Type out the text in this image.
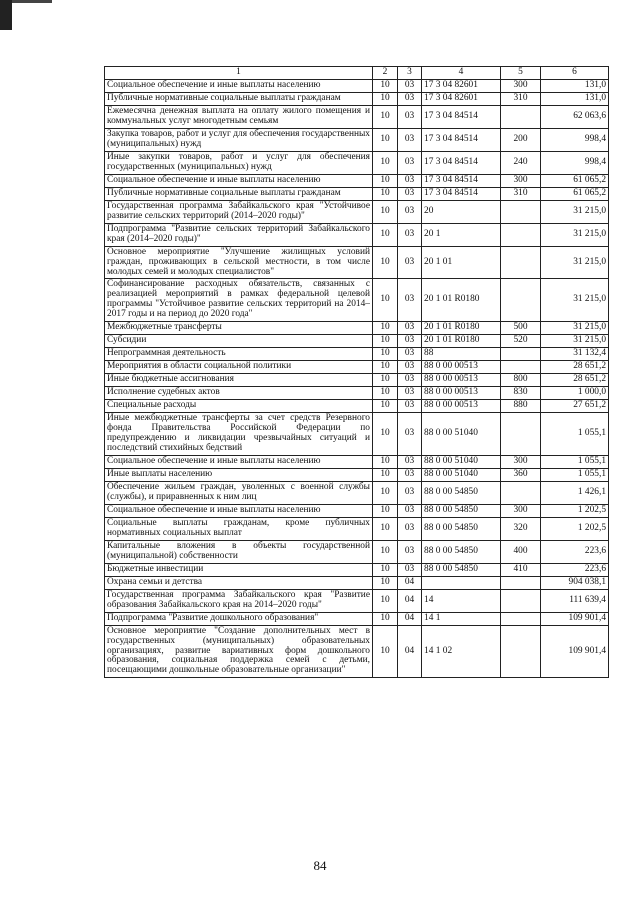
1	2	3	4	5	6
Социальное обеспечение и иные выплаты населению	10	03	17 3 04 82601	300	131,0
Публичные нормативные социальные выплаты гражданам	10	03	17 3 04 82601	310	131,0
Ежемесячна денежная выплата на оплату жилого помещения и коммунальных услуг многодетным семьям	10	03	17 3 04 84514		62 063,6
Закупка товаров, работ и услуг для обеспечения государственных (муниципальных) нужд	10	03	17 3 04 84514	200	998,4
Иные закупки товаров, работ и услуг для обеспечения государственных (муниципальных) нужд	10	03	17 3 04 84514	240	998,4
Социальное обеспечение и иные выплаты населению	10	03	17 3 04 84514	300	61 065,2
Публичные нормативные социальные выплаты гражданам	10	03	17 3 04 84514	310	61 065,2
Государственная программа Забайкальского края "Устойчивое развитие сельских территорий (2014–2020 годы)"	10	03	20		31 215,0
Подпрограмма "Развитие сельских территорий Забайкальского края (2014–2020 годы)"	10	03	20 1		31 215,0
Основное мероприятие "Улучшение жилищных условий граждан, проживающих в сельской местности, в том числе молодых семей и молодых специалистов"	10	03	20 1 01		31 215,0
Софинансирование расходных обязательств, связанных с реализацией мероприятий в рамках федеральной целевой программы "Устойчивое развитие сельских территорий на 2014–2017 годы и на период до 2020 года"	10	03	20 1 01 R0180		31 215,0
Межбюджетные трансферты	10	03	20 1 01 R0180	500	31 215,0
Субсидии	10	03	20 1 01 R0180	520	31 215,0
Непрограммная деятельность	10	03	88		31 132,4
Мероприятия в области социальной политики	10	03	88 0 00 00513		28 651,2
Иные бюджетные ассигнования	10	03	88 0 00 00513	800	28 651,2
Исполнение судебных актов	10	03	88 0 00 00513	830	1 000,0
Специальные расходы	10	03	88 0 00 00513	880	27 651,2
Иные межбюджетные трансферты за счет средств Резервного фонда Правительства Российской Федерации по предупреждению и ликвидации чрезвычайных ситуаций и последствий стихийных бедствий	10	03	88 0 00 51040		1 055,1
Социальное обеспечение и иные выплаты населению	10	03	88 0 00 51040	300	1 055,1
Иные выплаты населению	10	03	88 0 00 51040	360	1 055,1
Обеспечение жильем граждан, уволенных с военной службы (службы), и приравненных к ним лиц	10	03	88 0 00 54850		1 426,1
Социальное обеспечение и иные выплаты населению	10	03	88 0 00 54850	300	1 202,5
Социальные выплаты гражданам, кроме публичных нормативных социальных выплат	10	03	88 0 00 54850	320	1 202,5
Капитальные вложения в объекты государственной (муниципальной) собственности	10	03	88 0 00 54850	400	223,6
Бюджетные инвестиции	10	03	88 0 00 54850	410	223,6
Охрана семьи и детства	10	04			904 038,1
Государственная программа Забайкальского края "Развитие образования Забайкальского края на 2014–2020 годы"	10	04	14		111 639,4
Подпрограмма "Развитие дошкольного образования"	10	04	14 1		109 901,4
Основное мероприятие "Создание дополнительных мест в государственных (муниципальных) образовательных организациях, развитие вариативных форм дошкольного образования, социальная поддержка семей с детьми, посещающими дошкольные образовательные организации"	10	04	14 1 02		109 901,4
84
